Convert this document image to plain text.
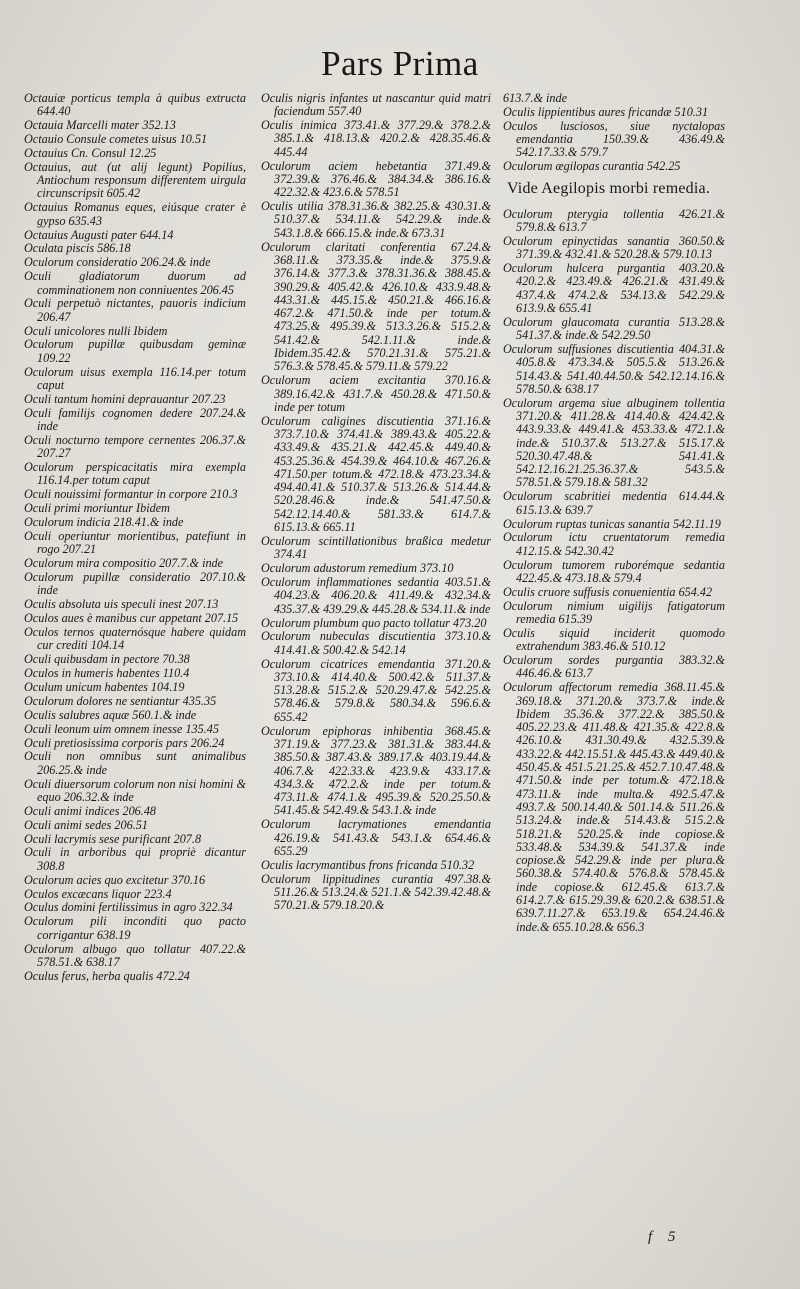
Pars Prima
Octauiæ porticus templa à quibus extructa 644.40
Octauia Marcelli mater 352.13
Octauio Consule cometes uisus 10.51
Octauius Cn. Consul 12.25
Octauius, aut (ut alij legunt) Popilius, Antiochum responsum differentem uirgula circunscripsit 605.42
Octauius Romanus eques, eiúsque crater è gypso 635.43
Octauius Augusti pater 644.14
Oculata piscis 586.18
Oculorum consideratio 206.24.& inde
Oculi gladiatorum duorum ad comminationem non conniuentes 206.45
Oculi perpetuò nictantes, pauoris indicium 206.47
Oculi unicolores nulli Ibidem
Oculorum pupillæ quibusdam geminæ 109.22
Oculorum uisus exempla 116.14.per totum caput
Oculi tantum homini deprauantur 207.23
Oculi familijs cognomen dedere 207.24.& inde
Oculi nocturno tempore cernentes 206.37.& 207.27
Oculorum perspicacitatis mira exempla 116.14.per totum caput
Oculi nouissimi formantur in corpore 210.3
Oculi primi moriuntur Ibidem
Oculorum indicia 218.41.& inde
Oculi operiuntur morientibus, patefiunt in rogo 207.21
Oculorum mira compositio 207.7.& inde
Oculorum pupillæ consideratio 207.10.& inde
Oculis absoluta uis speculi inest 207.13
Oculos aues è manibus cur appetant 207.15
Oculos ternos quaternósque habere quidam cur crediti 104.14
Oculi quibusdam in pectore 70.38
Oculos in humeris habentes 110.4
Oculum unicum habentes 104.19
Oculorum dolores ne sentiantur 435.35
Oculis salubres aquæ 560.1.& inde
Oculi leonum uim omnem inesse 135.45
Oculi pretiosissima corporis pars 206.24
Oculi non omnibus sunt animalibus 206.25.& inde
Oculi diuersorum colorum non nisi homini & equo 206.32.& inde
Oculi animi indices 206.48
Oculi animi sedes 206.51
Oculi lacrymis sese purificant 207.8
Oculi in arboribus qui propriè dicantur 308.8
Oculorum acies quo excitetur 370.16
Oculos excæcans liquor 223.4
Oculus domini fertilissimus in agro 322.34
Oculorum pili inconditi quo pacto corrigantur 638.19
Oculorum albugo quo tollatur 407.22.& 578.51.& 638.17
Oculus ferus, herba qualis 472.24
Oculis nigris infantes ut nascantur quid matri faciendum 557.40
Oculis inimica 373.41.& 377.29.& 378.2.& 385.1.& 418.13.& 420.2.& 428.35.46.& 445.44
Oculorum aciem hebetantia 371.49.& 372.39.& 376.46.& 384.34.& 386.16.& 422.32.& 423.6.& 578.51
Oculis utilia 378.31.36.& 382.25.& 430.31.& 510.37.& 534.11.& 542.29.& inde.& 543.1.8.& 666.15.& inde.& 673.31
Oculorum claritati conferentia 67.24.& 368.11.& 373.35.& inde.& 375.9.& 376.14.& 377.3.& 378.31.36.& 388.45.& 390.29.& 405.42.& 426.10.& 433.9.48.& 443.31.& 445.15.& 450.21.& 466.16.& 467.2.& 471.50.& inde per totum.& 473.25.& 495.39.& 513.3.26.& 515.2.& 541.42.& 542.1.11.& inde.& Ibidem.35.42.& 570.21.31.& 575.21.& 576.3.& 578.45.& 579.11.& 579.22
Oculorum aciem excitantia 370.16.& 389.16.42.& 431.7.& 450.28.& 471.50.& inde per totum
Oculorum caligines discutientia 371.16.& 373.7.10.& 374.41.& 389.43.& 405.22.& 433.49.& 435.21.& 442.45.& 449.40.& 453.25.36.& 454.39.& 464.10.& 467.26.& 471.50.per totum.& 472.18.& 473.23.34.& 494.40.41.& 510.37.& 513.26.& 514.44.& 520.28.46.& inde.& 541.47.50.& 542.12.14.40.& 581.33.& 614.7.& 615.13.& 665.11
Oculorum scintillationibus braßica medetur 374.41
Oculorum adustorum remedium 373.10
Oculorum inflammationes sedantia 403.51.& 404.23.& 406.20.& 411.49.& 432.34.& 435.37.& 439.29.& 445.28.& 534.11.& inde
Oculorum plumbum quo pacto tollatur 473.20
Oculorum nubeculas discutientia 373.10.& 414.41.& 500.42.& 542.14
Oculorum cicatrices emendantia 371.20.& 373.10.& 414.40.& 500.42.& 511.37.& 513.28.& 515.2.& 520.29.47.& 542.25.& 578.46.& 579.8.& 580.34.& 596.6.& 655.42
Oculorum epiphoras inhibentia 368.45.& 371.19.& 377.23.& 381.31.& 383.44.& 385.50.& 387.43.& 389.17.& 403.19.44.& 406.7.& 422.33.& 423.9.& 433.17.& 434.3.& 472.2.& inde per totum.& 473.11.& 474.1.& 495.39.& 520.25.50.& 541.45.& 542.49.& 543.1.& inde
Oculorum lacrymationes emendantia 426.19.& 541.43.& 543.1.& 654.46.& 655.29
Oculis lacrymantibus frons fricanda 510.32
Oculorum lippitudines curantia 497.38.& 511.26.& 513.24.& 521.1.& 542.39.42.48.& 570.21.& 579.18.20.&
613.7.& inde
Oculis lippientibus aures fricandæ 510.31
Oculos lusciosos, siue nyctalopas emendantia 150.39.& 436.49.& 542.17.33.& 579.7
Oculorum ægilopas curantia 542.25
Vide Aegilopis morbi remedia.
Oculorum pterygia tollentia 426.21.& 579.8.& 613.7
Oculorum epinyctidas sanantia 360.50.& 371.39.& 432.41.& 520.28.& 579.10.13
Oculorum hulcera purgantia 403.20.& 420.2.& 423.49.& 426.21.& 431.49.& 437.4.& 474.2.& 534.13.& 542.29.& 613.9.& 655.41
Oculorum glaucomata curantia 513.28.& 541.37.& inde.& 542.29.50
Oculorum suffusiones discutientia 404.31.& 405.8.& 473.34.& 505.5.& 513.26.& 514.43.& 541.40.44.50.& 542.12.14.16.& 578.50.& 638.17
Oculorum argema siue albuginem tollentia 371.20.& 411.28.& 414.40.& 424.42.& 443.9.33.& 449.41.& 453.33.& 472.1.& inde.& 510.37.& 513.27.& 515.17.& 520.30.47.48.& 541.41.& 542.12.16.21.25.36.37.& 543.5.& 578.51.& 579.18.& 581.32
Oculorum scabritiei medentia 614.44.& 615.13.& 639.7
Oculorum ruptas tunicas sanantia 542.11.19
Oculorum ictu cruentatorum remedia 412.15.& 542.30.42
Oculorum tumorem ruborémque sedantia 422.45.& 473.18.& 579.4
Oculis cruore suffusis conuenientia 654.42
Oculorum nimium uigilijs fatigatorum remedia 615.39
Oculis siquid inciderit quomodo extrahendum 383.46.& 510.12
Oculorum sordes purgantia 383.32.& 446.46.& 613.7
Oculorum affectorum remedia 368.11.45.& 369.18.& 371.20.& 373.7.& inde.& Ibidem 35.36.& 377.22.& 385.50.& 405.22.23.& 411.48.& 421.35.& 422.8.& 426.10.& 431.30.49.& 432.5.39.& 433.22.& 442.15.51.& 445.43.& 449.40.& 450.45.& 451.5.21.25.& 452.7.10.47.48.& 471.50.& inde per totum.& 472.18.& 473.11.& inde multa.& 492.5.47.& 493.7.& 500.14.40.& 501.14.& 511.26.& 513.24.& inde.& 514.43.& 515.2.& 518.21.& 520.25.& inde copiose.& 533.48.& 534.39.& 541.37.& inde copiose.& 542.29.& inde per plura.& 560.38.& 574.40.& 576.8.& 578.45.& inde copiose.& 612.45.& 613.7.& 614.2.7.& 615.29.39.& 620.2.& 638.51.& 639.7.11.27.& 653.19.& 654.24.46.& inde.& 655.10.28.& 656.3
f 5
